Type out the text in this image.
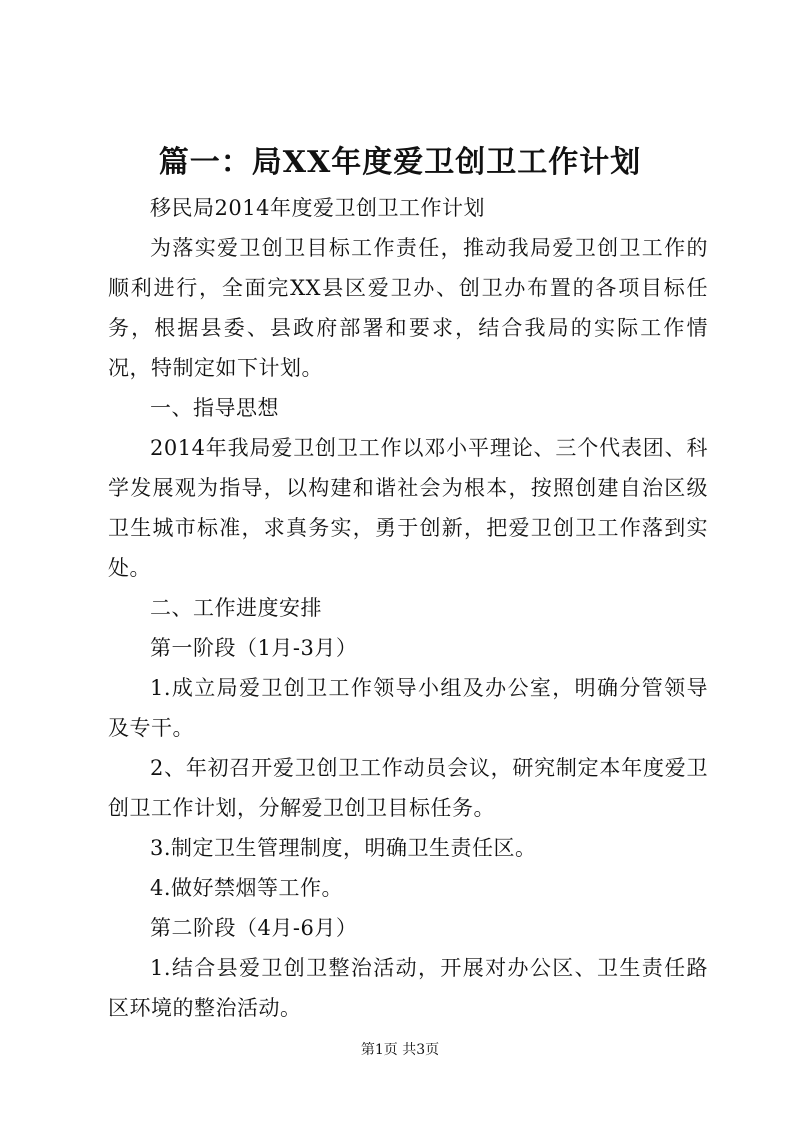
篇一：局XX年度爱卫创卫工作计划

移民局2014年度爱卫创卫工作计划

为落实爱卫创卫目标工作责任，推动我局爱卫创卫工作的顺利进行，全面完XX县区爱卫办、创卫办布置的各项目标任务，根据县委、县政府部署和要求，结合我局的实际工作情况，特制定如下计划。

一、指导思想

2014年我局爱卫创卫工作以邓小平理论、三个代表团、科学发展观为指导，以构建和谐社会为根本，按照创建自治区级卫生城市标准，求真务实，勇于创新，把爱卫创卫工作落到实处。

二、工作进度安排

第一阶段（1月-3月）

1.成立局爱卫创卫工作领导小组及办公室，明确分管领导及专干。

2、年初召开爱卫创卫工作动员会议，研究制定本年度爱卫创卫工作计划，分解爱卫创卫目标任务。

3.制定卫生管理制度，明确卫生责任区。

4.做好禁烟等工作。

第二阶段（4月-6月）

1.结合县爱卫创卫整治活动，开展对办公区、卫生责任路区环境的整治活动。

第1页 共3页
